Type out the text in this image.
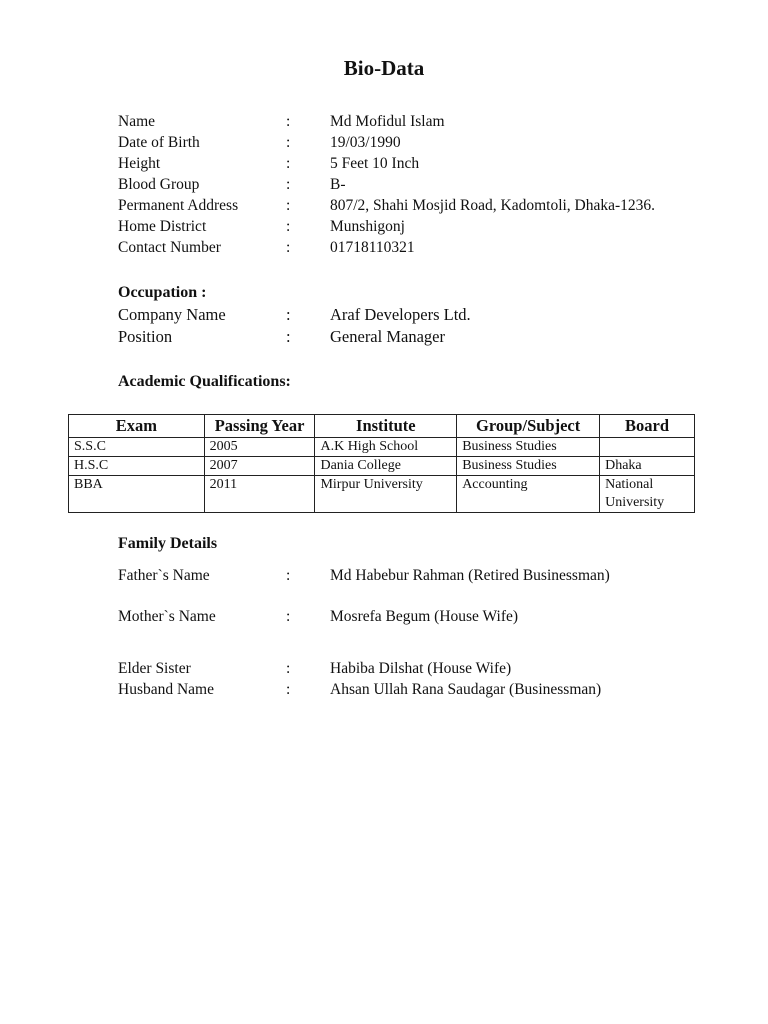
Bio-Data
Name	:	Md Mofidul Islam
Date of Birth	:	19/03/1990
Height	:	5 Feet 10 Inch
Blood Group	:	B-
Permanent Address	:	807/2, Shahi Mosjid Road, Kadomtoli, Dhaka-1236.
Home District	:	Munshigonj
Contact Number	:	01718110321
Occupation :
Company Name	: Araf Developers Ltd.
Position	: General Manager
Academic Qualifications:
Exam	Passing Year	Institute	Group/Subject	Board
S.S.C	2005	A.K High School	Business Studies	
H.S.C	2007	Dania College	Business Studies	Dhaka
BBA	2011	Mirpur University	Accounting	National University
Family Details
Father`s Name	:	Md Habebur Rahman (Retired Businessman)
Mother`s Name	:	Mosrefa Begum (House Wife)
Elder Sister	:	Habiba Dilshat (House Wife)
Husband Name	:	Ahsan Ullah Rana Saudagar (Businessman)
